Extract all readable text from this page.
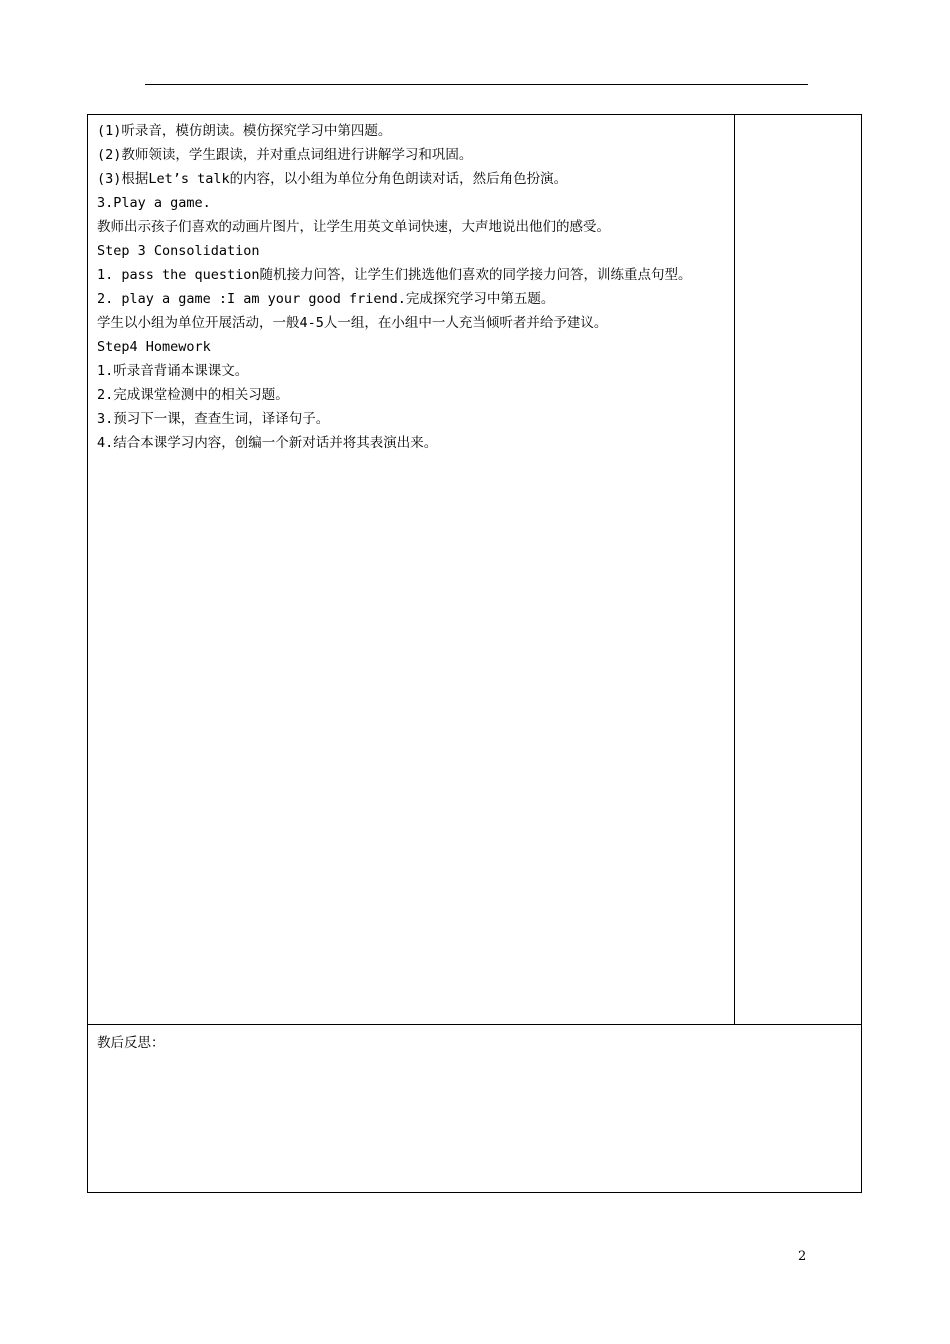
(1)听录音，模仿朗读。模仿探究学习中第四题。
(2)教师领读，学生跟读，并对重点词组进行讲解学习和巩固。
(3)根据Let’s talk的内容，以小组为单位分角色朗读对话，然后角色扮演。
3.Play a game.
教师出示孩子们喜欢的动画片图片，让学生用英文单词快速，大声地说出他们的感受。
Step 3 Consolidation
1. pass the question随机接力问答，让学生们挑选他们喜欢的同学接力问答，训练重点句型。
2. play a game :I am your good friend.完成探究学习中第五题。
学生以小组为单位开展活动，一般4-5人一组，在小组中一人充当倾听者并给予建议。
Step4 Homework
1.听录音背诵本课课文。
2.完成课堂检测中的相关习题。
3.预习下一课，查查生词，译译句子。
4.结合本课学习内容，创编一个新对话并将其表演出来。
教后反思：
2
